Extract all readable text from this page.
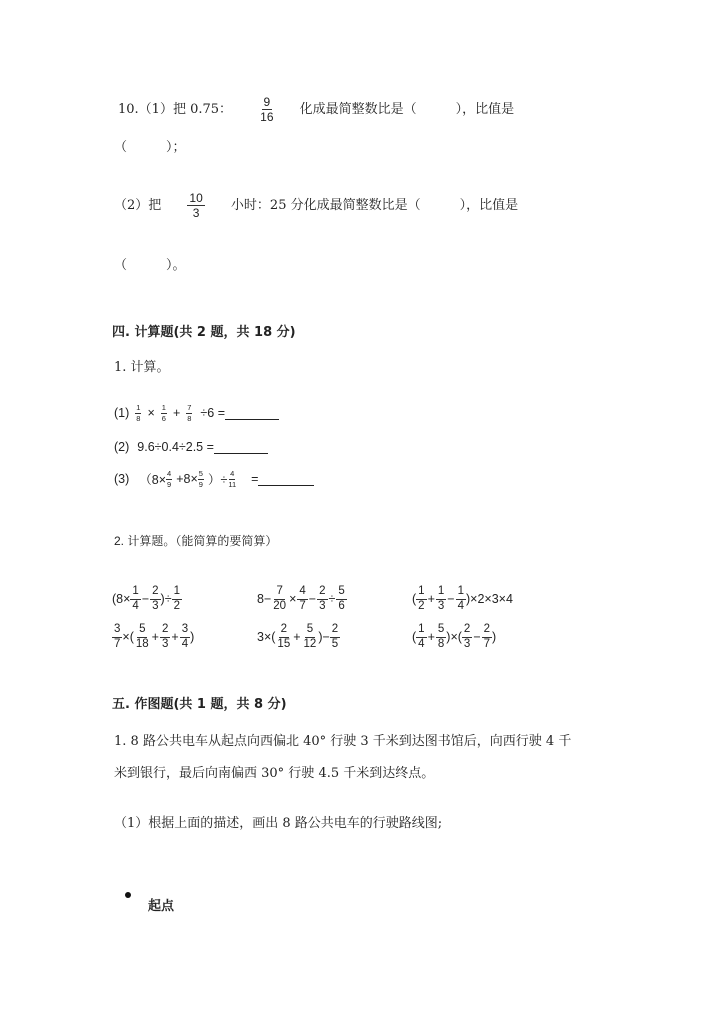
10.（1）把 0.75： $\frac{9}{16}$ 化成最简整数比是（　　　），比值是
（　　　）；
（2）把 $\frac{10}{3}$ 小时：25 分化成最简整数比是（　　　），比值是
（　　　）。
四. 计算题(共 2 题，共 18 分)
1. 计算。
$(1) \frac{1}{8} \times \frac{1}{6} + \frac{7}{8} \div 6$ =
(2) 9.6÷0.4÷2.5 =
(3) （$8\times \frac{4}{9} +8\times \frac{5}{9}$ ）÷ $\frac{4}{11}$	=
2. 计算题。（能简算的要简算）
($8\times \frac{1}{4} - \frac{2}{3}$ )÷ $\frac{1}{2}$	$8- \frac{7}{20} \times \frac{4}{7} - \frac{2}{3} \div \frac{5}{6}$	( $\frac{1}{2} + \frac{1}{3} - \frac{1}{4} )\times 2\times 3\times 4$
$\frac{3}{7}$ ×( $\frac{5}{18} + \frac{2}{3} + \frac{3}{4}$ )	$3\times( \frac{2}{15} + \frac{5}{12}$ )− $\frac{2}{5}$	( $\frac{1}{4} + \frac{5}{8}$ )×( $\frac{2}{3} - \frac{2}{7}$ )
五. 作图题(共 1 题，共 8 分)
1. 8 路公共电车从起点向西偏北 40° 行驶 3 千米到达图书馆后，向西行驶 4 千
米到银行，最后向南偏西 30° 行驶 4.5 千米到达终点。
（1）根据上面的描述，画出 8 路公共电车的行驶路线图;
起点
